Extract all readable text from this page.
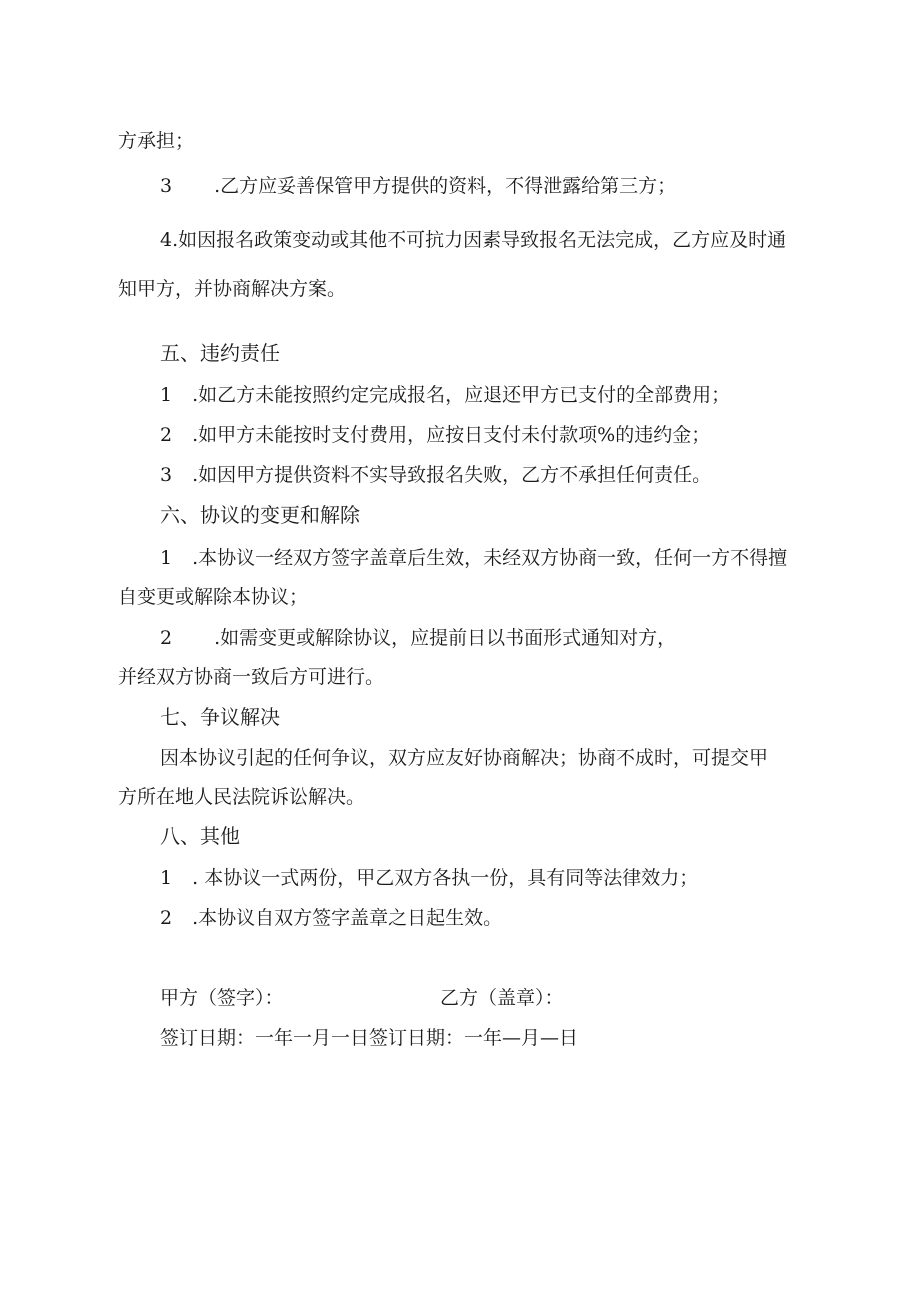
方承担；
3 .乙方应妥善保管甲方提供的资料，不得泄露给第三方；
4.如因报名政策变动或其他不可抗力因素导致报名无法完成，乙方应及时通
知甲方，并协商解决方案。
五、违约责任
1 .如乙方未能按照约定完成报名，应退还甲方已支付的全部费用；
2 .如甲方未能按时支付费用，应按日支付未付款项%的违约金；
3 .如因甲方提供资料不实导致报名失败，乙方不承担任何责任。
六、协议的变更和解除
1 .本协议一经双方签字盖章后生效，未经双方协商一致，任何一方不得擅
自变更或解除本协议；
2 .如需变更或解除协议，应提前日以书面形式通知对方，
并经双方协商一致后方可进行。
七、争议解决
因本协议引起的任何争议，双方应友好协商解决；协商不成时，可提交甲
方所在地人民法院诉讼解决。
八、其他
1 . 本协议一式两份，甲乙双方各执一份，具有同等法律效力；
2 .本协议自双方签字盖章之日起生效。
甲方（签字）：	乙方（盖章）：
签订日期：一年一月一日签订日期：一年—月—日
